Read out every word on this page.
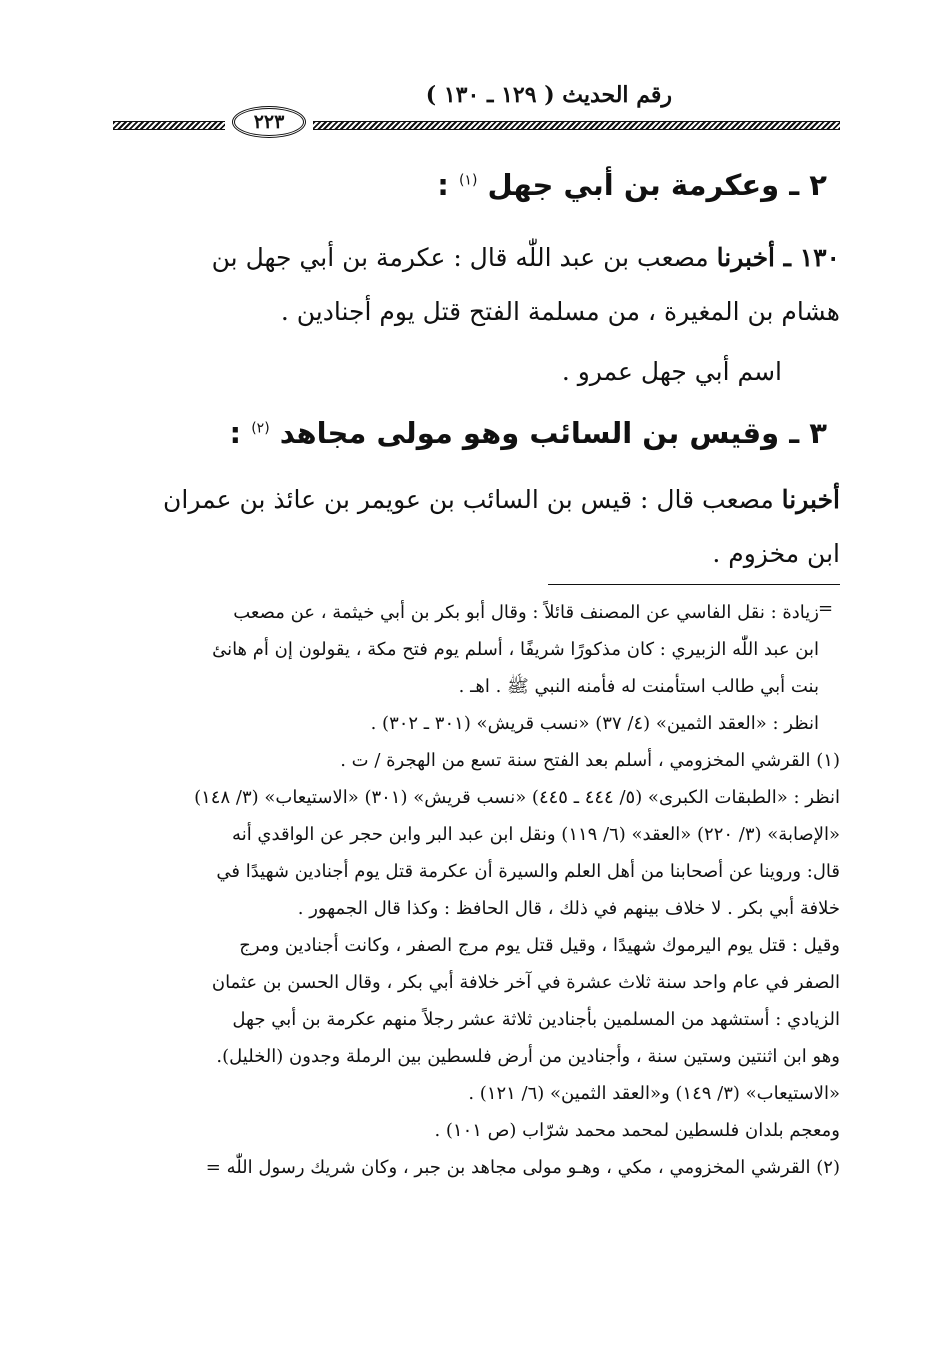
رقم الحديث ( ١٢٩ ـ ١٣٠ )
٢٢٣
٢ ـ وعكرمة بن أبي جهل $^{(١)}$ :
١٣٠ ـ أخبرنا مصعب بن عبد اللّٰه قال : عكرمة بن أبي جهل بن
هشام بن المغيرة ، من مسلمة الفتح قتل يوم أجنادين .
اسم أبي جهل عمرو .
٣ ـ وقيس بن السائب وهو مولى مجاهد $^{(٢)}$ :
أخبرنا مصعب قال : قيس بن السائب بن عويمر بن عائذ بن عمران
ابن مخزوم .
=
زيادة : نقل الفاسي عن المصنف قائلاً : وقال أبو بكر بن أبي خيثمة ، عن مصعب
ابن عبد اللّٰه الزبيري : كان مذكورًا شريفًا ، أسلم يوم فتح مكة ، يقولون إن أم هانئ
بنت أبي طالب استأمنت له فأمنه النبي ﷺ . اهـ .
انظر : «العقد الثمين» (٤/ ٣٧) «نسب قريش» (٣٠١ ـ ٣٠٢) .
(١) القرشي المخزومي ، أسلم بعد الفتح سنة تسع من الهجرة / ت .
انظر : «الطبقات الكبرى» (٥/ ٤٤٤ ـ ٤٤٥) «نسب قريش» (٣٠١) «الاستيعاب» (٣/ ١٤٨)
«الإصابة» (٣/ ٢٢٠) «العقد» (٦/ ١١٩) ونقل ابن عبد البر وابن حجر عن الواقدي أنه
قال: وروينا عن أصحابنا من أهل العلم والسيرة أن عكرمة قتل يوم أجنادين شهيدًا في
خلافة أبي بكر . لا خلاف بينهم في ذلك ، قال الحافظ : وكذا قال الجمهور .
وقيل : قتل يوم اليرموك شهيدًا ، وقيل قتل يوم مرج الصفر ، وكانت أجنادين ومرج
الصفر في عام واحد سنة ثلاث عشرة في آخر خلافة أبي بكر ، وقال الحسن بن عثمان
الزيادي : أستشهد من المسلمين بأجنادين ثلاثة عشر رجلاً منهم عكرمة بن أبي جهل
وهو ابن اثنتين وستين سنة ، وأجنادين من أرض فلسطين بين الرملة وجدون (الخليل).
«الاستيعاب» (٣/ ١٤٩) و«العقد الثمين» (٦/ ١٢١) .
ومعجم بلدان فلسطين لمحمد محمد شرّاب (ص ١٠١) .
(٢) القرشي المخزومي ، مكي ، وهـو مولى مجاهد بن جبر ، وكان شريك رسول اللّٰه =
